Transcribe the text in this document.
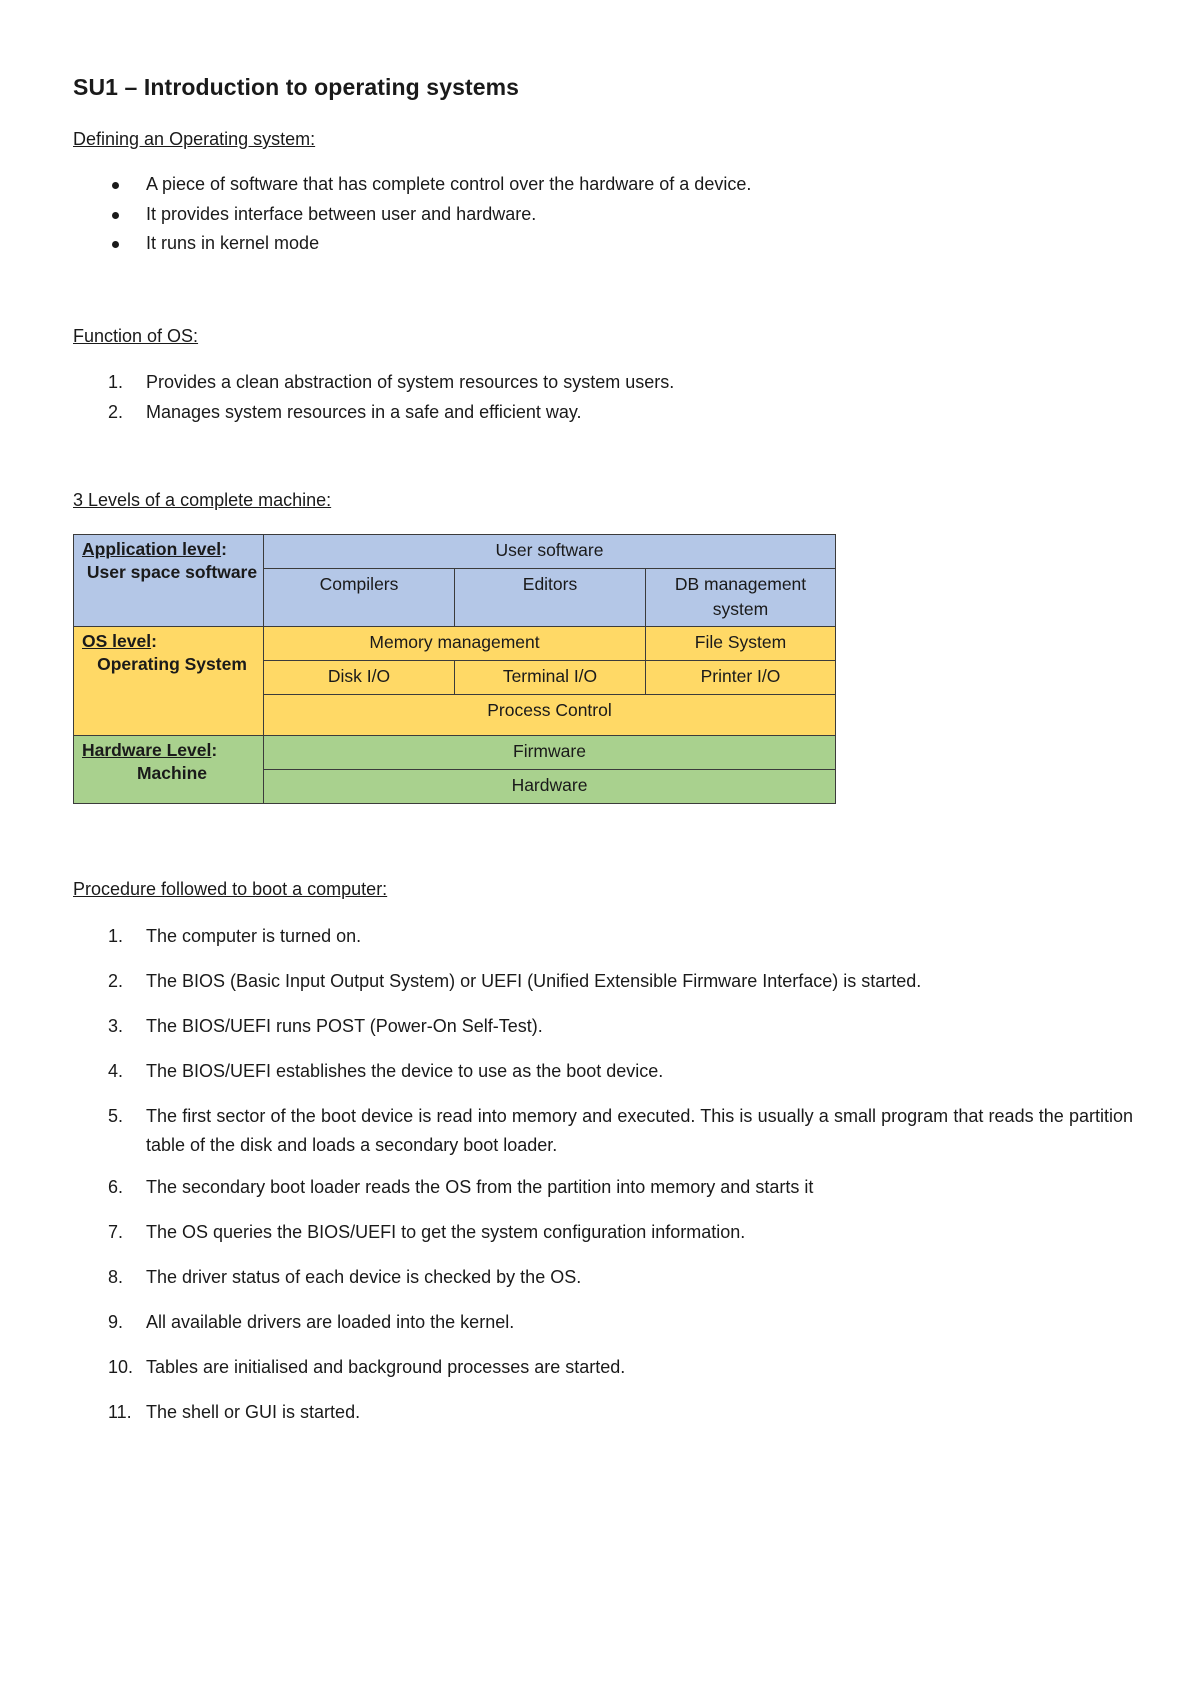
SU1 – Introduction to operating systems

Defining an Operating system:

A piece of software that has complete control over the hardware of a device.
It provides interface between user and hardware.
It runs in kernel mode

Function of OS:

1.	Provides a clean abstraction of system resources to system users.
2.	Manages system resources in a safe and efficient way.

3 Levels of a complete machine:

Application level:
User space software	User software		
	Compilers	Editors	DB management system
OS level:
Operating System	Memory management		File System
	Disk I/O	Terminal I/O	Printer I/O
	Process Control		
Hardware Level:
Machine	Firmware		
	Hardware		

Procedure followed to boot a computer:

1.	The computer is turned on.
2.	The BIOS (Basic Input Output System) or UEFI (Unified Extensible Firmware Interface) is started.
3.	The BIOS/UEFI runs POST (Power-On Self-Test).
4.	The BIOS/UEFI establishes the device to use as the boot device.
5.	The first sector of the boot device is read into memory and executed. This is usually a small program that reads the partition table of the disk and loads a secondary boot loader.
6.	The secondary boot loader reads the OS from the partition into memory and starts it
7.	The OS queries the BIOS/UEFI to get the system configuration information.
8.	The driver status of each device is checked by the OS.
9.	All available drivers are loaded into the kernel.
10. Tables are initialised and background processes are started.
11. The shell or GUI is started.
